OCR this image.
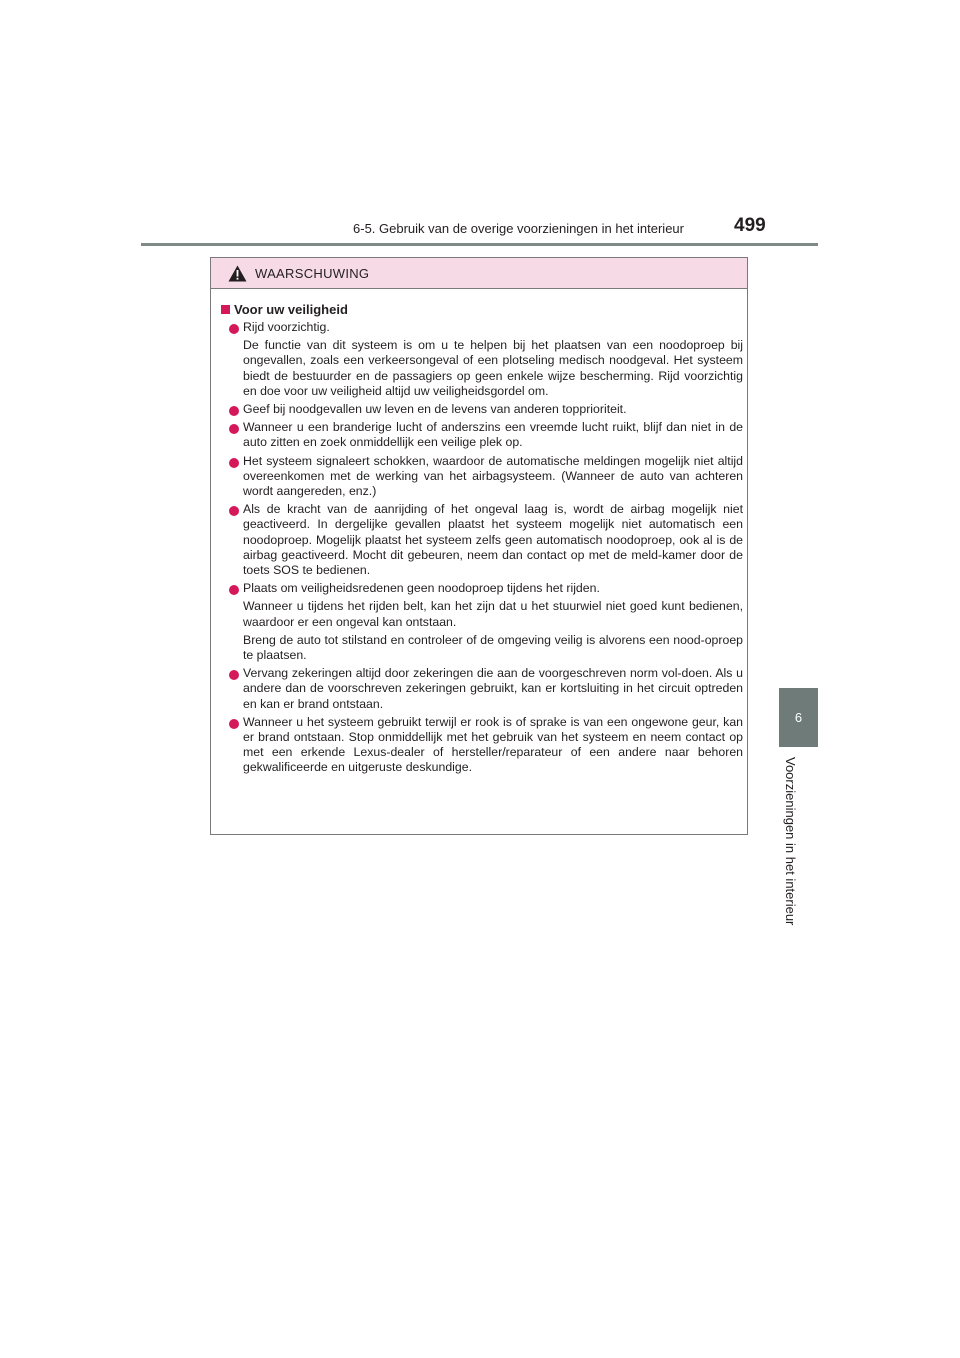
6-5. Gebruik van de overige voorzieningen in het interieur	499
6
Voorzieningen in het interieur
WAARSCHUWING
Voor uw veiligheid

Rijd voorzichtig.

De functie van dit systeem is om u te helpen bij het plaatsen van een noodoproep bij ongevallen, zoals een verkeersongeval of een plotseling medisch noodgeval. Het systeem biedt de bestuurder en de passagiers op geen enkele wijze bescherming. Rijd voorzichtig en doe voor uw veiligheid altijd uw veiligheidsgordel om.

Geef bij noodgevallen uw leven en de levens van anderen topprioriteit.

Wanneer u een branderige lucht of anderszins een vreemde lucht ruikt, blijf dan niet in de auto zitten en zoek onmiddellijk een veilige plek op.

Het systeem signaleert schokken, waardoor de automatische meldingen mogelijk niet altijd overeenkomen met de werking van het airbagsysteem. (Wanneer de auto van achteren wordt aangereden, enz.)

Als de kracht van de aanrijding of het ongeval laag is, wordt de airbag mogelijk niet geactiveerd. In dergelijke gevallen plaatst het systeem mogelijk niet automatisch een noodoproep. Mogelijk plaatst het systeem zelfs geen automatisch noodoproep, ook al is de airbag geactiveerd. Mocht dit gebeuren, neem dan contact op met de meld-kamer door de toets SOS te bedienen.

Plaats om veiligheidsredenen geen noodoproep tijdens het rijden.

Wanneer u tijdens het rijden belt, kan het zijn dat u het stuurwiel niet goed kunt bedienen, waardoor er een ongeval kan ontstaan.

Breng de auto tot stilstand en controleer of de omgeving veilig is alvorens een nood-oproep te plaatsen.

Vervang zekeringen altijd door zekeringen die aan de voorgeschreven norm vol-doen. Als u andere dan de voorschreven zekeringen gebruikt, kan er kortsluiting in het circuit optreden en kan er brand ontstaan.

Wanneer u het systeem gebruikt terwijl er rook is of sprake is van een ongewone geur, kan er brand ontstaan. Stop onmiddellijk met het gebruik van het systeem en neem contact op met een erkende Lexus-dealer of hersteller/reparateur of een andere naar behoren gekwalificeerde en uitgeruste deskundige.
